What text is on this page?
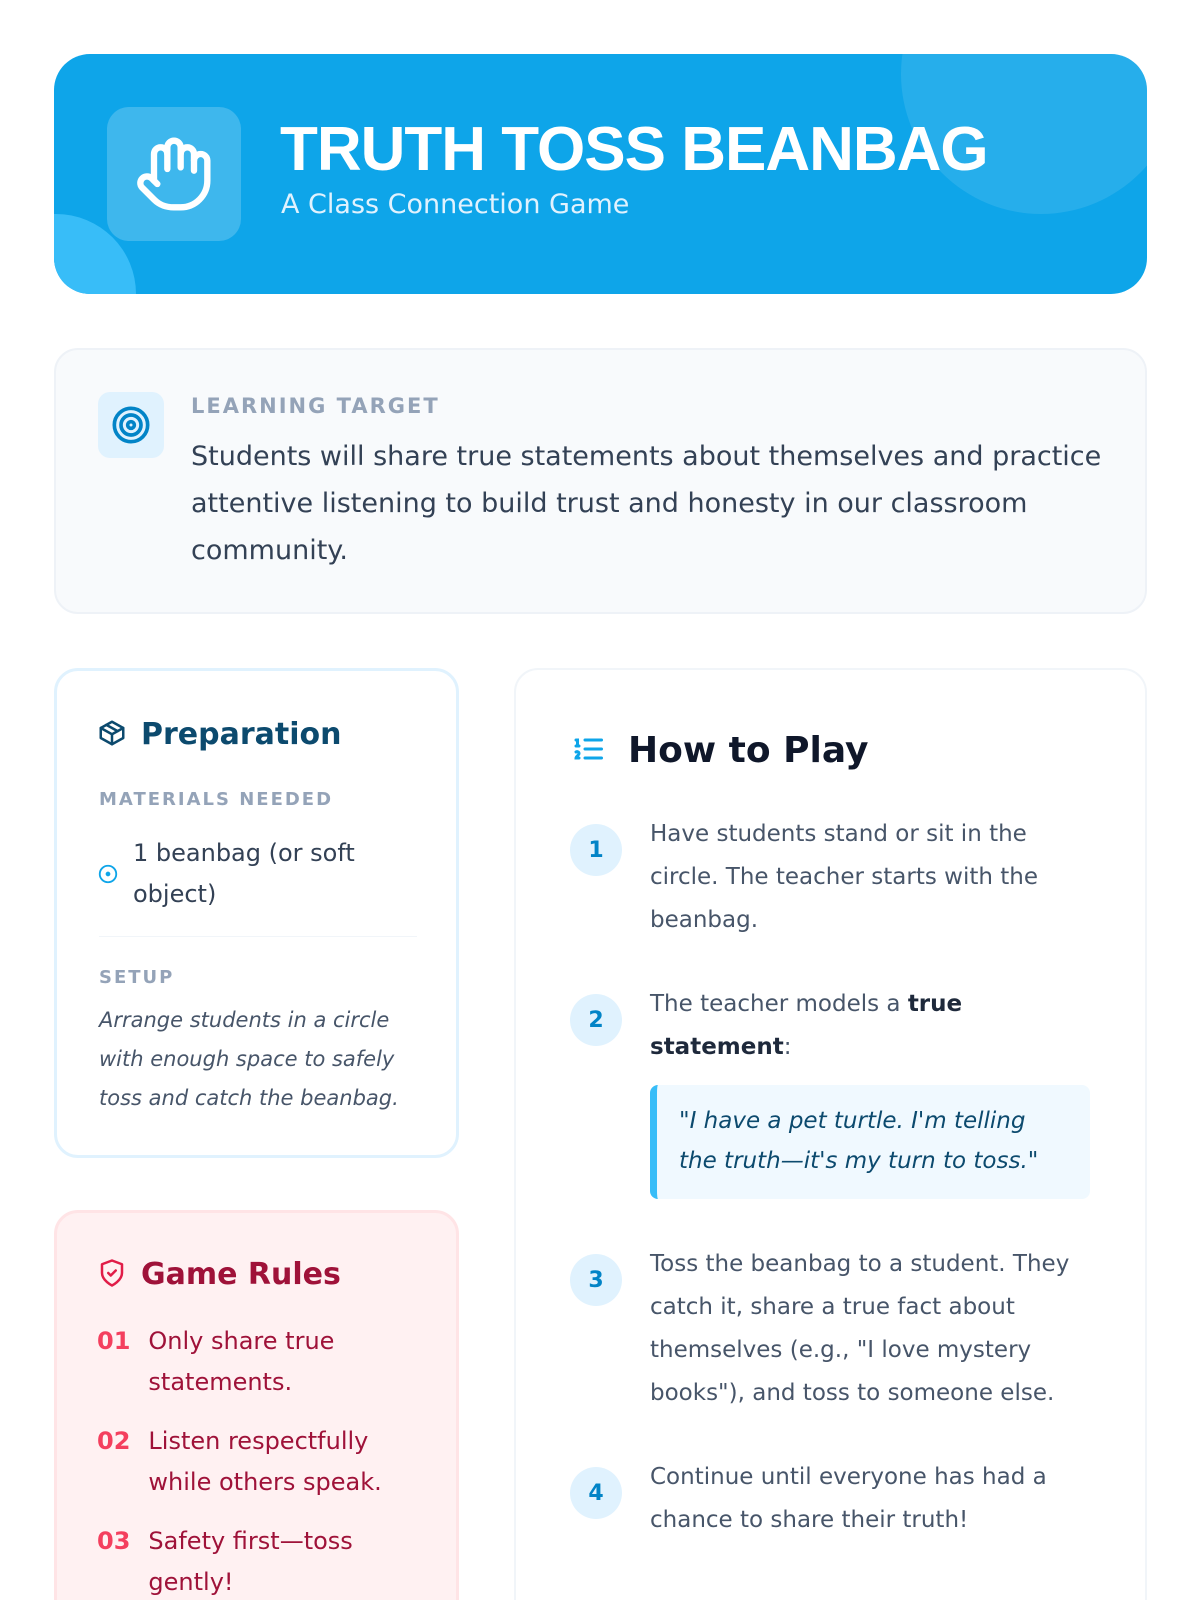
TRUTH TOSS BEANBAG
A Class Connection Game
LEARNING TARGET

Students will share true statements about themselves and practice attentive listening to build trust and honesty in our classroom community.

Preparation
MATERIALS NEEDED
1 beanbag (or soft object)
SETUP

Arrange students in a circle with enough space to safely toss and catch the beanbag.

Game Rules
01 Only share true statements.
02 Listen respectfully while others speak.
03 Safety first—toss gently!
How to Play
1

Have students stand or sit in the circle. The teacher starts with the beanbag.

2

The teacher models a true statement:

"I have a pet turtle. I'm telling the truth—it's my turn to toss."
3

Toss the beanbag to a student. They catch it, share a true fact about themselves (e.g., "I love mystery books"), and toss to someone else.

4

Continue until everyone has had a chance to share their truth!
